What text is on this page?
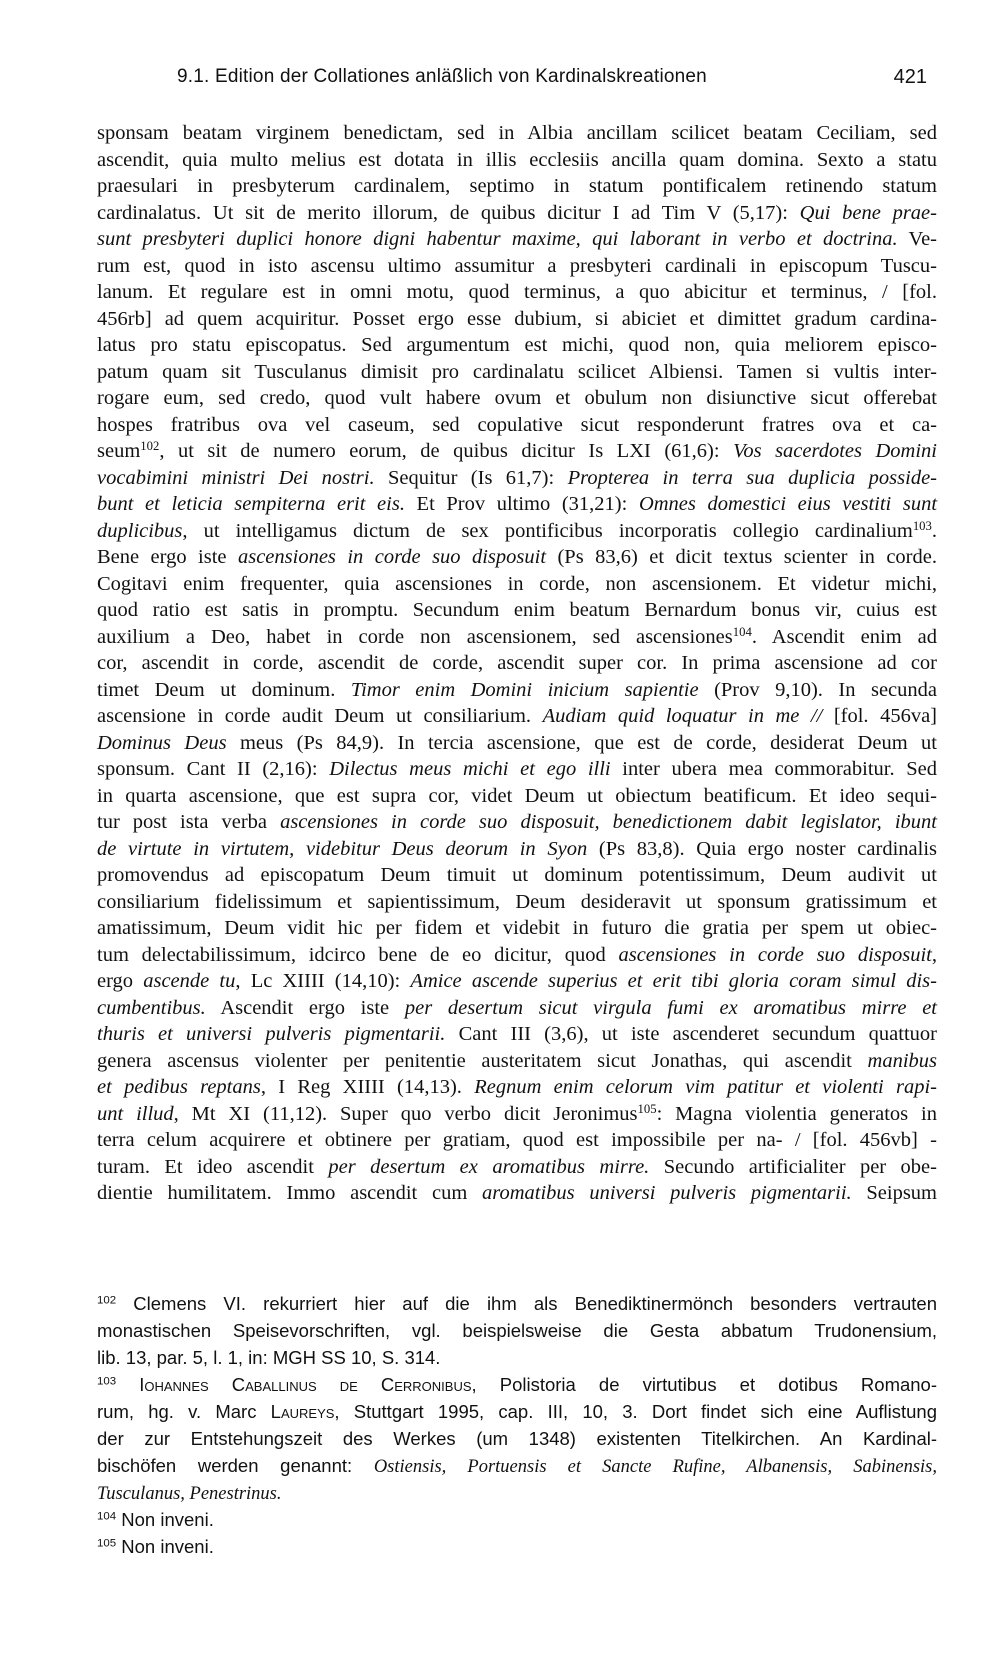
9.1. Edition der Collationes anläßlich von Kardinalskreationen	421
sponsam beatam virginem benedictam, sed in Albia ancillam scilicet beatam Ceciliam, sed
ascendit, quia multo melius est dotata in illis ecclesiis ancilla quam domina. Sexto a statu
praesulari in presbyterum cardinalem, septimo in statum pontificalem retinendo statum
cardinalatus. Ut sit de merito illorum, de quibus dicitur I ad Tim V (5,17): Qui bene prae-
sunt presbyteri duplici honore digni habentur maxime, qui laborant in verbo et doctrina. Ve-
rum est, quod in isto ascensu ultimo assumitur a presbyteri cardinali in episcopum Tuscu-
lanum. Et regulare est in omni motu, quod terminus, a quo abicitur et terminus, / [fol.
456rb] ad quem acquiritur. Posset ergo esse dubium, si abiciet et dimittet gradum cardina-
latus pro statu episcopatus. Sed argumentum est michi, quod non, quia meliorem episco-
patum quam sit Tusculanus dimisit pro cardinalatu scilicet Albiensi. Tamen si vultis inter-
rogare eum, sed credo, quod vult habere ovum et obulum non disiunctive sicut offerebat
hospes fratribus ova vel caseum, sed copulative sicut responderunt fratres ova et ca-
seum$^{102}$, ut sit de numero eorum, de quibus dicitur Is LXI (61,6): Vos sacerdotes Domini
vocabimini ministri Dei nostri. Sequitur (Is 61,7): Propterea in terra sua duplicia posside-
bunt et leticia sempiterna erit eis. Et Prov ultimo (31,21): Omnes domestici eius vestiti sunt
duplicibus, ut intelligamus dictum de sex pontificibus incorporatis collegio cardinalium$^{103}$.
Bene ergo iste ascensiones in corde suo disposuit (Ps 83,6) et dicit textus scienter in corde.
Cogitavi enim frequenter, quia ascensiones in corde, non ascensionem. Et videtur michi,
quod ratio est satis in promptu. Secundum enim beatum Bernardum bonus vir, cuius est
auxilium a Deo, habet in corde non ascensionem, sed ascensiones$^{104}$. Ascendit enim ad
cor, ascendit in corde, ascendit de corde, ascendit super cor. In prima ascensione ad cor
timet Deum ut dominum. Timor enim Domini inicium sapientie (Prov 9,10). In secunda
ascensione in corde audit Deum ut consiliarium. Audiam quid loquatur in me // [fol. 456va]
Dominus Deus meus (Ps 84,9). In tercia ascensione, que est de corde, desiderat Deum ut
sponsum. Cant II (2,16): Dilectus meus michi et ego illi inter ubera mea commorabitur. Sed
in quarta ascensione, que est supra cor, videt Deum ut obiectum beatificum. Et ideo sequi-
tur post ista verba ascensiones in corde suo disposuit, benedictionem dabit legislator, ibunt
de virtute in virtutem, videbitur Deus deorum in Syon (Ps 83,8). Quia ergo noster cardinalis
promovendus ad episcopatum Deum timuit ut dominum potentissimum, Deum audivit ut
consiliarium fidelissimum et sapientissimum, Deum desideravit ut sponsum gratissimum et
amatissimum, Deum vidit hic per fidem et videbit in futuro die gratia per spem ut obiec-
tum delectabilissimum, idcirco bene de eo dicitur, quod ascensiones in corde suo disposuit,
ergo ascende tu, Lc XIIII (14,10): Amice ascende superius et erit tibi gloria coram simul dis-
cumbentibus. Ascendit ergo iste per desertum sicut virgula fumi ex aromatibus mirre et
thuris et universi pulveris pigmentarii. Cant III (3,6), ut iste ascenderet secundum quattuor
genera ascensus violenter per penitentie austeritatem sicut Jonathas, qui ascendit manibus
et pedibus reptans, I Reg XIIII (14,13). Regnum enim celorum vim patitur et violenti rapi-
unt illud, Mt XI (11,12). Super quo verbo dicit Jeronimus$^{105}$: Magna violentia generatos in
terra celum acquirere et obtinere per gratiam, quod est impossibile per na- / [fol. 456vb] -
turam. Et ideo ascendit per desertum ex aromatibus mirre. Secundo artificialiter per obe-
dientie humilitatem. Immo ascendit cum aromatibus universi pulveris pigmentarii. Seipsum
$^{102}$ Clemens VI. rekurriert hier auf die ihm als Benediktinermönch besonders vertrauten
monastischen Speisevorschriften, vgl. beispielsweise die Gesta abbatum Trudonensium,
lib. 13, par. 5, l. 1, in: MGH SS 10, S. 314.
$^{103}$ Iohannes Caballinus de Cerronibus, Polistoria de virtutibus et dotibus Romano-
rum, hg. v. Marc Laureys, Stuttgart 1995, cap. III, 10, 3. Dort findet sich eine Auflistung
der zur Entstehungszeit des Werkes (um 1348) existenten Titelkirchen. An Kardinal-
bischöfen werden genannt: Ostiensis, Portuensis et Sancte Rufine, Albanensis, Sabinensis,
Tusculanus, Penestrinus.
$^{104}$ Non inveni.
$^{105}$ Non inveni.
